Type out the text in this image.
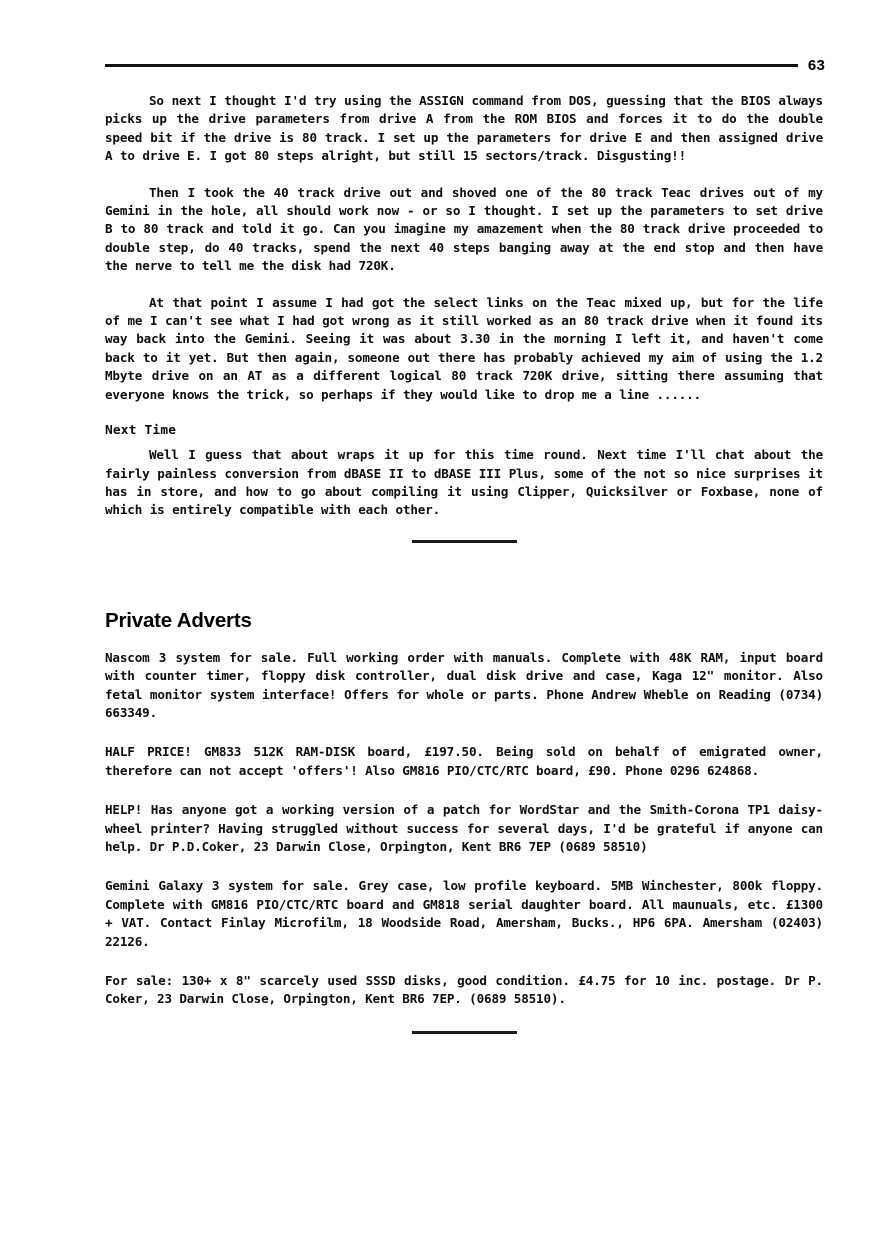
63

So next I thought I'd try using the ASSIGN command from DOS, guessing that the BIOS always picks up the drive parameters from drive A from the ROM BIOS and forces it to do the double speed bit if the drive is 80 track. I set up the parameters for drive E and then assigned drive A to drive E. I got 80 steps alright, but still 15 sectors/track. Disgusting!!

Then I took the 40 track drive out and shoved one of the 80 track Teac drives out of my Gemini in the hole, all should work now - or so I thought. I set up the parameters to set drive B to 80 track and told it go. Can you imagine my amazement when the 80 track drive proceeded to double step, do 40 tracks, spend the next 40 steps banging away at the end stop and then have the nerve to tell me the disk had 720K.

At that point I assume I had got the select links on the Teac mixed up, but for the life of me I can't see what I had got wrong as it still worked as an 80 track drive when it found its way back into the Gemini. Seeing it was about 3.30 in the morning I left it, and haven't come back to it yet. But then again, someone out there has probably achieved my aim of using the 1.2 Mbyte drive on an AT as a different logical 80 track 720K drive, sitting there assuming that everyone knows the trick, so perhaps if they would like to drop me a line ......

Next Time

Well I guess that about wraps it up for this time round. Next time I'll chat about the fairly painless conversion from dBASE II to dBASE III Plus, some of the not so nice surprises it has in store, and how to go about compiling it using Clipper, Quicksilver or Foxbase, none of which is entirely compatible with each other.

Private Adverts

Nascom 3 system for sale. Full working order with manuals. Complete with 48K RAM, input board with counter timer, floppy disk controller, dual disk drive and case, Kaga 12" monitor. Also fetal monitor system interface! Offers for whole or parts. Phone Andrew Wheble on Reading (0734) 663349.

HALF PRICE! GM833 512K RAM-DISK board, £197.50. Being sold on behalf of emigrated owner, therefore can not accept 'offers'! Also GM816 PIO/CTC/RTC board, £90. Phone 0296 624868.

HELP! Has anyone got a working version of a patch for WordStar and the Smith-Corona TP1 daisy-wheel printer? Having struggled without success for several days, I'd be grateful if anyone can help. Dr P.D.Coker, 23 Darwin Close, Orpington, Kent BR6 7EP (0689 58510)

Gemini Galaxy 3 system for sale. Grey case, low profile keyboard. 5MB Winchester, 800k floppy. Complete with GM816 PIO/CTC/RTC board and GM818 serial daughter board. All maunuals, etc. £1300 + VAT. Contact Finlay Microfilm, 18 Woodside Road, Amersham, Bucks., HP6 6PA. Amersham (02403) 22126.

For sale: 130+ x 8" scarcely used SSSD disks, good condition. £4.75 for 10 inc. postage. Dr P. Coker, 23 Darwin Close, Orpington, Kent BR6 7EP. (0689 58510).
